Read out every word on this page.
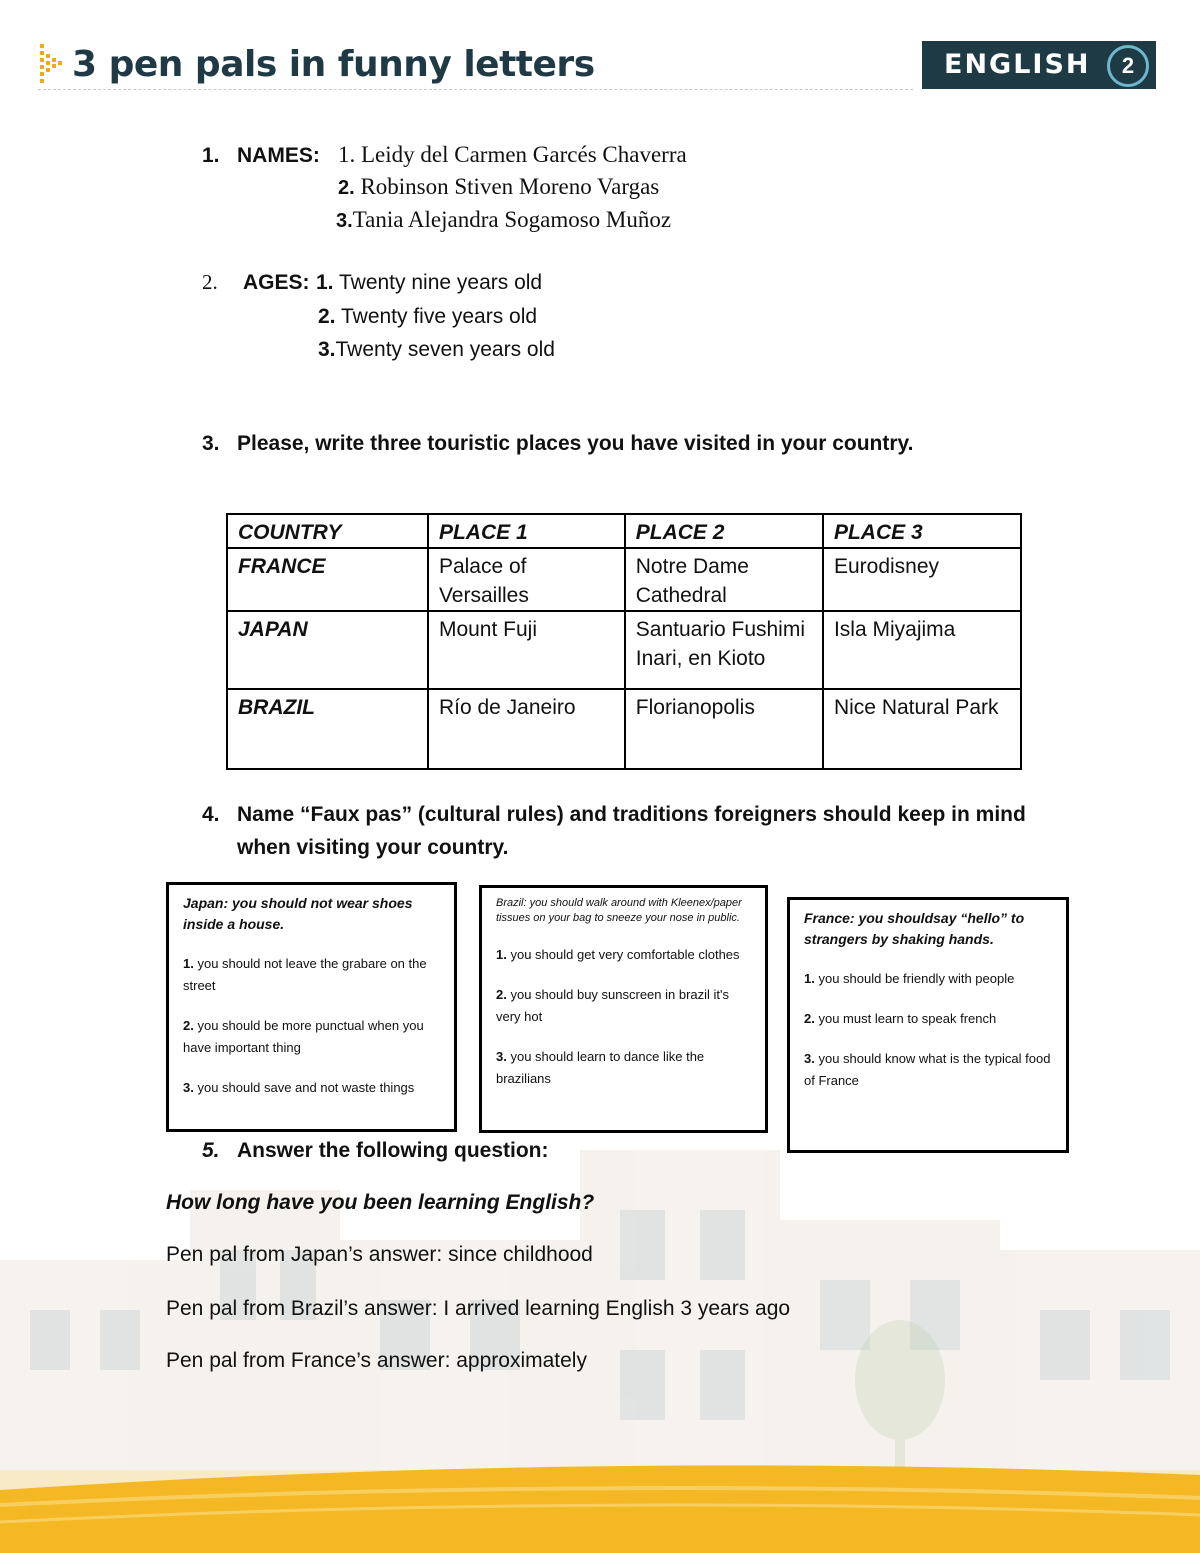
3 pen pals in funny letters	ENGLISH	2
1. NAMES: 1. Leidy del Carmen Garcés Chaverra
2. Robinson Stiven Moreno Vargas
3.Tania Alejandra Sogamoso Muñoz
2. AGES: 1. Twenty nine years old
2. Twenty five years old
3.Twenty seven years old
3. Please, write three touristic places you have visited in your country.
COUNTRY	PLACE 1	PLACE 2	PLACE 3
FRANCE	Palace of Versailles	Notre Dame Cathedral	Eurodisney
JAPAN	Mount Fuji	Santuario Fushimi Inari, en Kioto	Isla Miyajima
BRAZIL	Río de Janeiro	Florianopolis	Nice Natural Park
4. Name “Faux pas” (cultural rules) and traditions foreigners should keep in mind
when visiting your country.
Japan: you should not wear shoes inside a house.
1. you should not leave the grabare on the street
2. you should be more punctual when you have important thing
3. you should save and not waste things
Brazil: you should walk around with Kleenex/paper tissues on your bag to sneeze your nose in public.
1. you should get very comfortable clothes
2. you should buy sunscreen in brazil it's very hot
3. you should learn to dance like the brazilians
France: you shouldsay “hello” to strangers by shaking hands.
1. you should be friendly with people
2. you must learn to speak french
3. you should know what is the typical food of France
5. Answer the following question:
How long have you been learning English?
Pen pal from Japan’s answer: since childhood
Pen pal from Brazil’s answer: I arrived learning English 3 years ago
Pen pal from France’s answer: approximately
